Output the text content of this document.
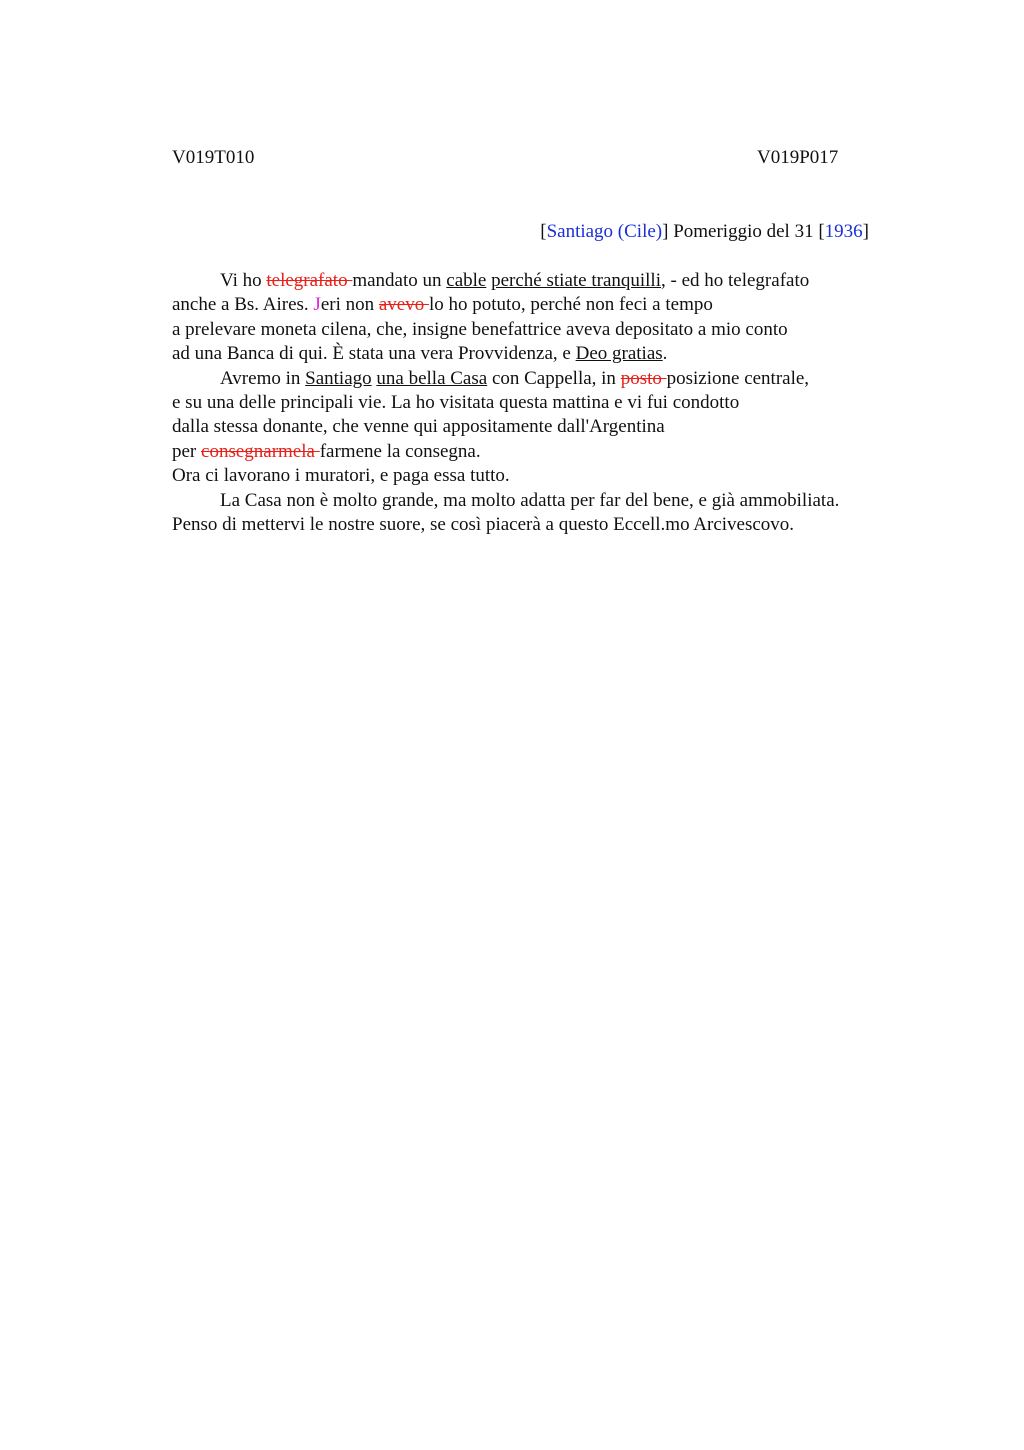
V019T010	V019P017
[Santiago (Cile)] Pomeriggio del 31 [1936]
Vi ho telegrafato mandato un cable perché stiate tranquilli, - ed ho telegrafato
anche a Bs. Aires. Jeri non avevo lo ho potuto, perché non feci a tempo
a prelevare moneta cilena, che, insigne benefattrice aveva depositato a mio conto
ad una Banca di qui. È stata una vera Provvidenza, e Deo gratias.
Avremo in Santiago una bella Casa con Cappella, in posto posizione centrale,
e su una delle principali vie. La ho visitata questa mattina e vi fui condotto
dalla stessa donante, che venne qui appositamente dall'Argentina
per consegnarmela farmene la consegna.
Ora ci lavorano i muratori, e paga essa tutto.
La Casa non è molto grande, ma molto adatta per far del bene, e già ammobiliata.
Penso di mettervi le nostre suore, se così piacerà a questo Eccell.mo Arcivescovo.
